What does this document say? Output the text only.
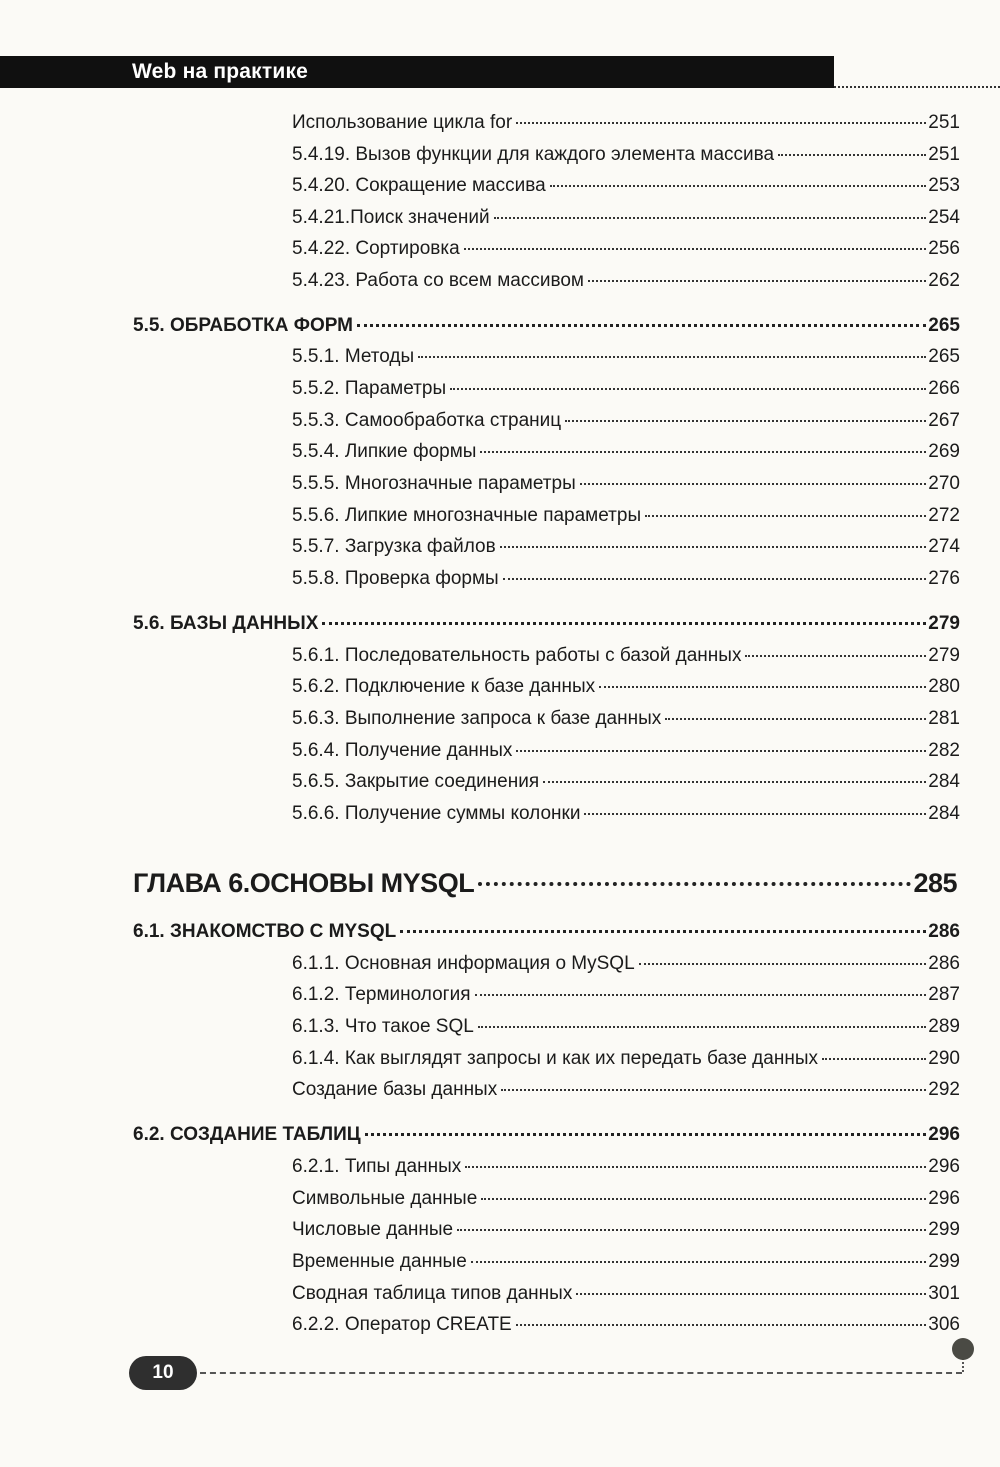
Web на практике
Использование цикла for	251
5.4.19. Вызов функции для каждого элемента массива	251
5.4.20. Сокращение массива	253
5.4.21.Поиск значений	254
5.4.22. Сортировка	256
5.4.23. Работа со всем массивом	262
5.5. ОБРАБОТКА ФОРМ	265
5.5.1. Методы	265
5.5.2. Параметры	266
5.5.3. Самообработка страниц	267
5.5.4. Липкие формы	269
5.5.5. Многозначные параметры	270
5.5.6. Липкие многозначные параметры	272
5.5.7. Загрузка файлов	274
5.5.8. Проверка формы	276
5.6. БАЗЫ ДАННЫХ	279
5.6.1. Последовательность работы с базой данных	279
5.6.2. Подключение к базе данных	280
5.6.3. Выполнение запроса к базе данных	281
5.6.4. Получение данных	282
5.6.5. Закрытие соединения	284
5.6.6. Получение суммы колонки	284
ГЛАВА 6.ОСНОВЫ MYSQL	285
6.1. ЗНАКОМСТВО С MYSQL	286
6.1.1. Основная информация о MySQL	286
6.1.2. Терминология	287
6.1.3. Что такое SQL	289
6.1.4. Как выглядят запросы и как их передать базе данных	290
Создание базы данных	292
6.2. СОЗДАНИЕ ТАБЛИЦ	296
6.2.1. Типы данных	296
Символьные данные	296
Числовые данные	299
Временные данные	299
Сводная таблица типов данных	301
6.2.2. Оператор CREATE	306
10
